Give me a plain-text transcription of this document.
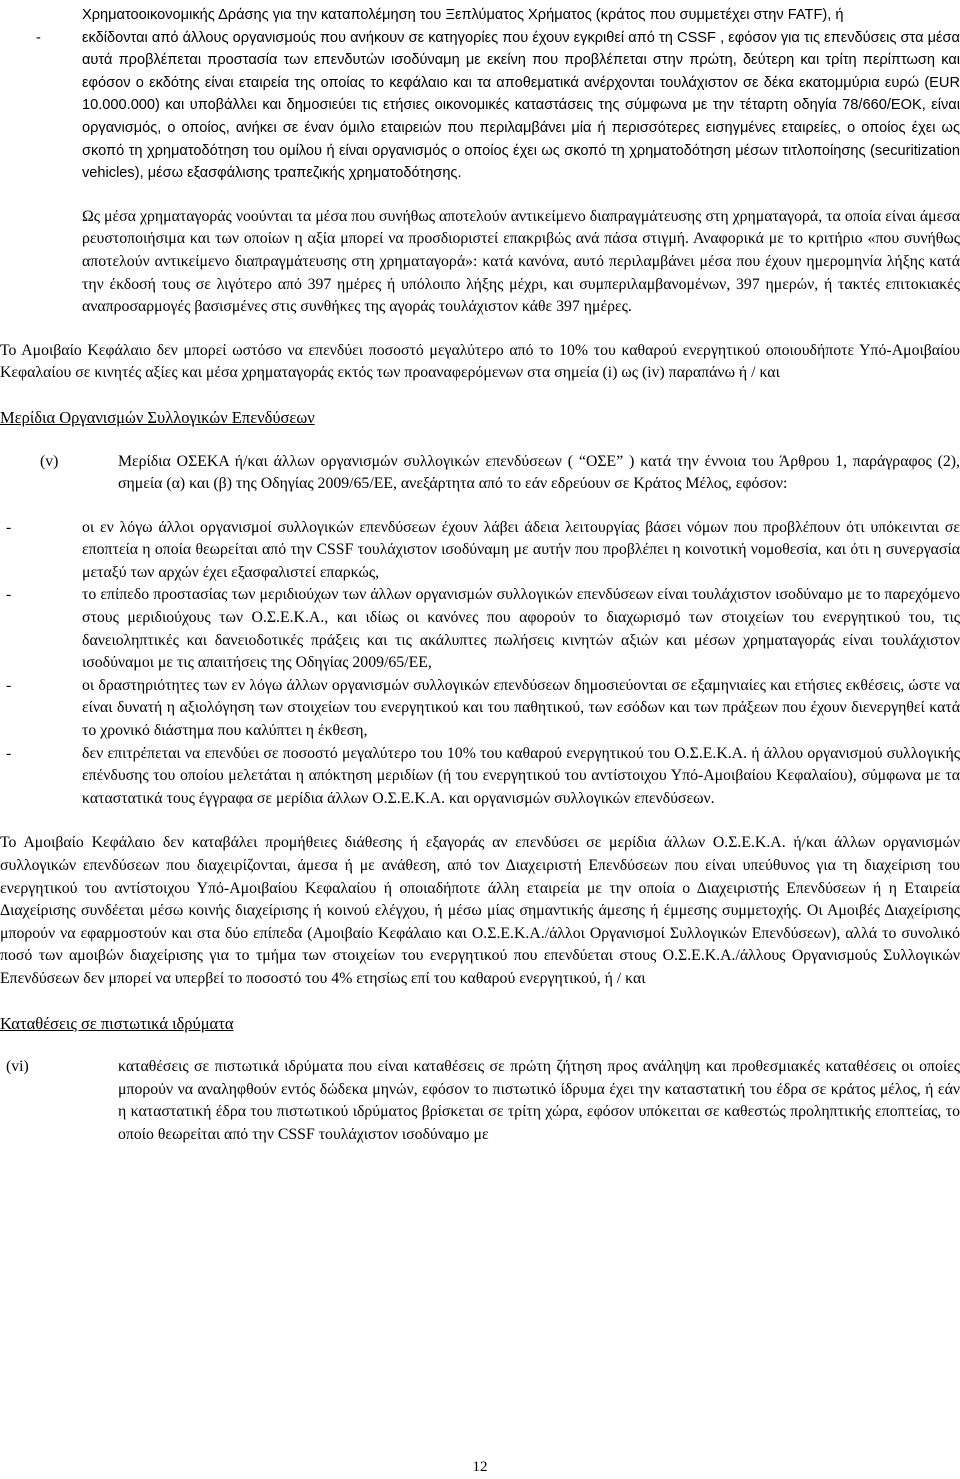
Χρηματοοικονομικής Δράσης για την καταπολέμηση του Ξεπλύματος Χρήματος (κράτος που συμμετέχει στην FATF), ή

-	εκδίδονται από άλλους οργανισμούς που ανήκουν σε κατηγορίες που έχουν εγκριθεί από τη CSSF , εφόσον για τις επενδύσεις στα μέσα αυτά προβλέπεται προστασία των επενδυτών ισοδύναμη με εκείνη που προβλέπεται στην πρώτη, δεύτερη και τρίτη περίπτωση και εφόσον ο εκδότης είναι εταιρεία της οποίας το κεφάλαιο και τα αποθεματικά ανέρχονται τουλάχιστον σε δέκα εκατομμύρια ευρώ (EUR 10.000.000) και υποβάλλει και δημοσιεύει τις ετήσιες οικονομικές καταστάσεις της σύμφωνα με την τέταρτη οδηγία 78/660/ΕΟΚ, είναι οργανισμός, ο οποίος, ανήκει σε έναν όμιλο εταιρειών που περιλαμβάνει μία ή περισσότερες εισηγμένες εταιρείες, ο οποίος έχει ως σκοπό τη χρηματοδότηση του ομίλου ή είναι οργανισμός ο οποίος έχει ως σκοπό τη χρηματοδότηση μέσων τιτλοποίησης (securitization vehicles), μέσω εξασφάλισης τραπεζικής χρηματοδότησης.

Ως μέσα χρηματαγοράς νοούνται τα μέσα που συνήθως αποτελούν αντικείμενο διαπραγμάτευσης στη χρηματαγορά, τα οποία είναι άμεσα ρευστοποιήσιμα και των οποίων η αξία μπορεί να προσδιοριστεί επακριβώς ανά πάσα στιγμή. Αναφορικά με το κριτήριο «που συνήθως αποτελούν αντικείμενο διαπραγμάτευσης στη χρηματαγορά»: κατά κανόνα, αυτό περιλαμβάνει μέσα που έχουν ημερομηνία λήξης κατά την έκδοσή τους σε λιγότερο από 397 ημέρες ή υπόλοιπο λήξης μέχρι, και συμπεριλαμβανομένων, 397 ημερών, ή τακτές επιτοκιακές αναπροσαρμογές βασισμένες στις συνθήκες της αγοράς τουλάχιστον κάθε 397 ημέρες.

Το Αμοιβαίο Κεφάλαιο δεν μπορεί ωστόσο να επενδύει ποσοστό μεγαλύτερο από το 10% του καθαρού ενεργητικού οποιουδήποτε Υπό-Αμοιβαίου Κεφαλαίου σε κινητές αξίες και μέσα χρηματαγοράς εκτός των προαναφερόμενων στα σημεία (i) ως (iv) παραπάνω ή / και

Μερίδια Οργανισμών Συλλογικών Επενδύσεων

(v)	Μερίδια ΟΣΕΚΑ ή/και άλλων οργανισμών συλλογικών επενδύσεων ( “ΟΣΕ” ) κατά την έννοια του Άρθρου 1, παράγραφος (2), σημεία (α) και (β) της Οδηγίας 2009/65/ΕΕ, ανεξάρτητα από το εάν εδρεύουν σε Κράτος Μέλος, εφόσον:
-	οι εν λόγω άλλοι οργανισμοί συλλογικών επενδύσεων έχουν λάβει άδεια λειτουργίας βάσει νόμων που προβλέπουν ότι υπόκεινται σε εποπτεία η οποία θεωρείται από την CSSF τουλάχιστον ισοδύναμη με αυτήν που προβλέπει η κοινοτική νομοθεσία, και ότι η συνεργασία μεταξύ των αρχών έχει εξασφαλιστεί επαρκώς,
-	το επίπεδο προστασίας των μεριδιούχων των άλλων οργανισμών συλλογικών επενδύσεων είναι τουλάχιστον ισοδύναμο με το παρεχόμενο στους μεριδιούχους των Ο.Σ.Ε.Κ.Α., και ιδίως οι κανόνες που αφορούν το διαχωρισμό των στοιχείων του ενεργητικού του, τις δανειοληπτικές και δανειοδοτικές πράξεις και τις ακάλυπτες πωλήσεις κινητών αξιών και μέσων χρηματαγοράς είναι τουλάχιστον ισοδύναμοι με τις απαιτήσεις της Οδηγίας 2009/65/ΕΕ,
-	οι δραστηριότητες των εν λόγω άλλων οργανισμών συλλογικών επενδύσεων δημοσιεύονται σε εξαμηνιαίες και ετήσιες εκθέσεις, ώστε να είναι δυνατή η αξιολόγηση των στοιχείων του ενεργητικού και του παθητικού, των εσόδων και των πράξεων που έχουν διενεργηθεί κατά το χρονικό διάστημα που καλύπτει η έκθεση,
-	δεν επιτρέπεται να επενδύει σε ποσοστό μεγαλύτερο του 10% του καθαρού ενεργητικού του Ο.Σ.Ε.Κ.Α. ή άλλου οργανισμού συλλογικής επένδυσης του οποίου μελετάται η απόκτηση μεριδίων (ή του ενεργητικού του αντίστοιχου Υπό-Αμοιβαίου Κεφαλαίου), σύμφωνα με τα καταστατικά τους έγγραφα σε μερίδια άλλων Ο.Σ.Ε.Κ.Α. και οργανισμών συλλογικών επενδύσεων.

Το Αμοιβαίο Κεφάλαιο δεν καταβάλει προμήθειες διάθεσης ή εξαγοράς αν επενδύσει σε μερίδια άλλων Ο.Σ.Ε.Κ.Α. ή/και άλλων οργανισμών συλλογικών επενδύσεων που διαχειρίζονται, άμεσα ή με ανάθεση, από τον Διαχειριστή Επενδύσεων που είναι υπεύθυνος για τη διαχείριση του ενεργητικού του αντίστοιχου Υπό-Αμοιβαίου Κεφαλαίου ή οποιαδήποτε άλλη εταιρεία με την οποία ο Διαχειριστής Επενδύσεων ή η Εταιρεία Διαχείρισης συνδέεται μέσω κοινής διαχείρισης ή κοινού ελέγχου, ή μέσω μίας σημαντικής άμεσης ή έμμεσης συμμετοχής. Οι Αμοιβές Διαχείρισης μπορούν να εφαρμοστούν και στα δύο επίπεδα (Αμοιβαίο Κεφάλαιο και Ο.Σ.Ε.Κ.Α./άλλοι Οργανισμοί Συλλογικών Επενδύσεων), αλλά το συνολικό ποσό των αμοιβών διαχείρισης για το τμήμα των στοιχείων του ενεργητικού που επενδύεται στους Ο.Σ.Ε.Κ.Α./άλλους Οργανισμούς Συλλογικών Επενδύσεων δεν μπορεί να υπερβεί το ποσοστό του 4% ετησίως επί του καθαρού ενεργητικού, ή / και

Καταθέσεις σε πιστωτικά ιδρύματα

(vi)	καταθέσεις σε πιστωτικά ιδρύματα που είναι καταθέσεις σε πρώτη ζήτηση προς ανάληψη και προθεσμιακές καταθέσεις οι οποίες μπορούν να αναληφθούν εντός δώδεκα μηνών, εφόσον το πιστωτικό ίδρυμα έχει την καταστατική του έδρα σε κράτος μέλος, ή εάν η καταστατική έδρα του πιστωτικού ιδρύματος βρίσκεται σε τρίτη χώρα, εφόσον υπόκειται σε καθεστώς προληπτικής εποπτείας, το οποίο θεωρείται από την CSSF τουλάχιστον ισοδύναμο με
12
